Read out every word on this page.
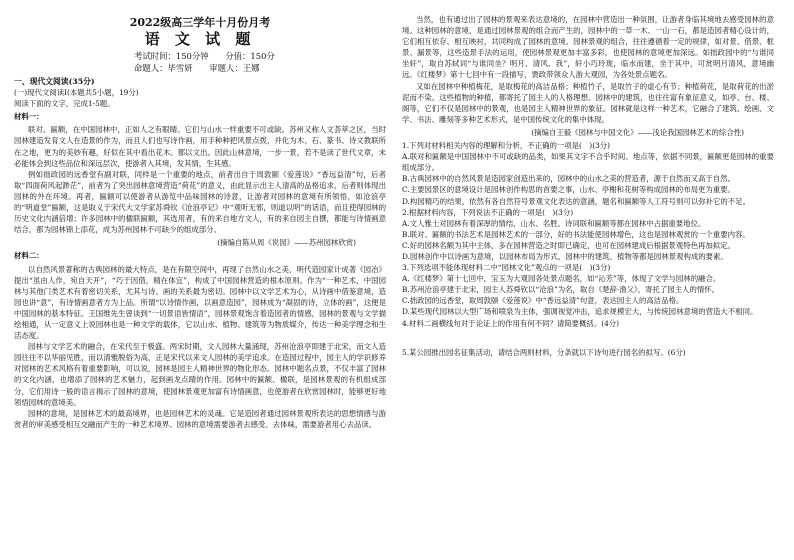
2022级高三学年十月份月考
语 文 试 题
考试时间：150分钟 分值：150分
命题人：毕雪妍 审题人：王娜
一、现代文阅读(35分)
(一)现代文阅读Ⅰ(本题共5小题，19分)
阅读下面的文字，完成1-5题。
材料一：

联对、匾额，在中国园林中，正如人之有眼睛。它们与山水一样重要不可或缺。苏州又称人文荟萃之区，当时园林建造发育文人在造景的作为，而且人们也写诗作画，用手种种把风景点拨，并化为木、石、篆书、诗文教联所在之地，更为的美妙有趣，好似在其中看出花木。都以文出。因此山林意境，一步一景，若不是读了世代文章，未必能体会到这些品位和深远层次，使游者入其境，发其情，生其感。

例如拙政园的远香堂有副对联，同样是一个重要的地点，前者出自于周敦颐《爱莲说》“香远益清”句，后者取“四面荷风起渺茫”，前者为了突出园林意境营造“荷花”的意义，由此显示出主人清高的品格追求，后者则体现出园林的外在环境。再者，匾额可以使游者从游览中品味园林的诗意，让游者对园林的意境有所领悟，如沧浪亭的“明道堂”匾额，这是取义于宋代大文学家苏舜钦《沧浪亭记》中“观听无邪，则道以明”的话语，而且使得园林的历史文化内涵倍增；许多园林中的楹联匾额，其选用者，有的来自地方文人，有的来自园主自撰，都能与诗情画意结合，都为园林锦上添花，成为苏州园林不可缺少的组成部分。

(摘编自陈从周《说园》——苏州园林欣赏)
材料二：

以自然风景著称的古典园林的最大特点，是在有限空间中，再现了自然山水之美，明代造园家计成著《园冶》提出“虽由人作，宛自天开”，“巧于因借，精在体宜”，构成了中国园林营造的根本原则。作为“一种艺术，中国园林与其他门类艺术有着密切关系，尤其与诗、画的关系最为密切。园林中以文学艺术为心，从诗画中借鉴意境，造园也讲“意”，有诗情画意者方为上品。所谓“以诗情作画，以画意造园”，园林成为“凝固的诗，立体的画”，这便是中国园林的基本特征。王国维先生曾谈到“一切景语皆情语”，园林景观饱含着造园者的情感，园林的景观与文学描绘相通，从一定意义上说园林也是一种文学的载体，它以山水、植物、建筑等为物质媒介，传达一种美学理念和生活态度。

园林与文学艺术的融合，在宋代至于极盛。两宋时期，文人园林大量涌现，苏州沧浪亭即建于北宋，而文人造园往往不以华丽见胜，而以清雅脱俗为高，正是宋代以来文人园林的美学追求。在造园过程中，园主人的学识修养对园林的艺术风格有着重要影响，可以说，园林是园主人精神世界的物化形态。园林中题名点景，不仅丰富了园林的文化内涵，也增添了园林的艺术魅力，起到画龙点睛的作用。园林中的匾额、楹联，是园林景观的有机组成部分，它们用诗一般的语言揭示了园林的意境，使园林景观更加富有诗情画意，也使游者在欣赏园林时，能够更好地领悟园林的意境美。

园林的意境，是园林艺术的最高境界，也是园林艺术的灵魂。它是造园者通过园林景观所表达的思想情感与游赏者的审美感受相互交融而产生的一种艺术境界。园林的意境需要游者去感受、去体味，需要游者用心去品读。

当然，也有通过出了园林的景观来表达意境的，在园林中营造出一种氛围，让游者身临其境地去感受园林的意境。这种园林的意境，是通过园林景观的组合而产生的，园林中的一草一木、一山一石，都是造园者精心设计的，它们相互依存、相互映衬，共同构成了园林的意境。园林景观的组合，往往遵循着一定的规律，如对景、借景、框景、漏景等，这些造景手法的运用，使园林景观更加丰富多彩，也使园林的意境更加深远。如拙政园中的“与谁同坐轩”，取自苏轼词“与谁同坐？明月、清风、我”，轩小巧玲珑，临水而建，坐于其中，可赏明月清风，意境幽远。《红楼梦》第十七回中有一段描写，贾政带领众人游大观园，为各处景点题名。

又如在园林中种植梅花，是取梅花的高洁品格；种植竹子，是取竹子的虚心有节；种植荷花，是取荷花的出淤泥而不染。这些植物的种植，都寄托了园主人的人格理想。园林中的建筑，也往往富有象征意义，如亭、台、楼、阁等，它们不仅是园林中的景观，也是园主人精神世界的象征。园林就是这样一种艺术，它融合了建筑、绘画、文学、书法、雕刻等多种艺术形式，是中国传统文化的集中体现。

(摘编自王毅《园林与中国文化》——浅论我国园林艺术的综合性)
1.下列对材料相关内容的理解和分析，不正确的一项是(　)(3分)
A.联对和匾额是中国园林中不可或缺的品类，如果其文字不合乎时间、地点等，依据不同景，匾额更是园林的重要组成部分。
B.古典园林中的自然风景是造园家创造出来的，园林中的山水之美的营造者，源于自然而又高于自然。
C.主要园景区的意境设计是园林创作构思的首要之事，山水、亭榭和花树等构成园林的布局更为重要。
D.构园精巧的结果，依然有各自然符号景观文化表达的意涵，题名和匾额等人工符号则可以弥补它的不足。
2.根据材料内容，下列说法不正确的一项是(　)(3分)
A.文人雅士对园林有着深厚的情结，山水、名胜、诗词联和匾额等都在园林中占据重要地位。
B.联对、匾额的书法艺术是园林艺术的一部分，好的书法能使园林增色，这也是园林观赏的一个重要内容。
C.好的园林名额为其中主体，多在园林营造之时即已确定，也可在园林建成后根据景观特色再加拟定。
D.园林创作中以诗画为意境，以园林布局为形式，园林中的建筑、植物等都是园林景观构成的要素。
3.下列选项不能体现材料二中“园林文化”观点的一项是(　)(3分)
A.《红楼梦》第十七回中，宝玉为大观园各处景点题名，如“沁芳”等，体现了文学与园林的融合。
B.苏州沧浪亭建于北宋，园主人苏舜钦以“沧浪”为名，取自《楚辞·渔父》，寄托了园主人的情怀。
C.拙政园的远香堂，取周敦颐《爱莲说》中“香远益清”句意，表达园主人的高洁品格。
D.某些现代园林以大型广场和喷泉为主体，强调视觉冲击，追求规模宏大，与传统园林意境的营造大不相同。
4.材料二画横线句对于论证上的作用有何不同？请简要概括。(4分)
5.某公园推出园名征集活动，请结合两则材料，分条就以下诗句进行园名的拟写。(6分)
